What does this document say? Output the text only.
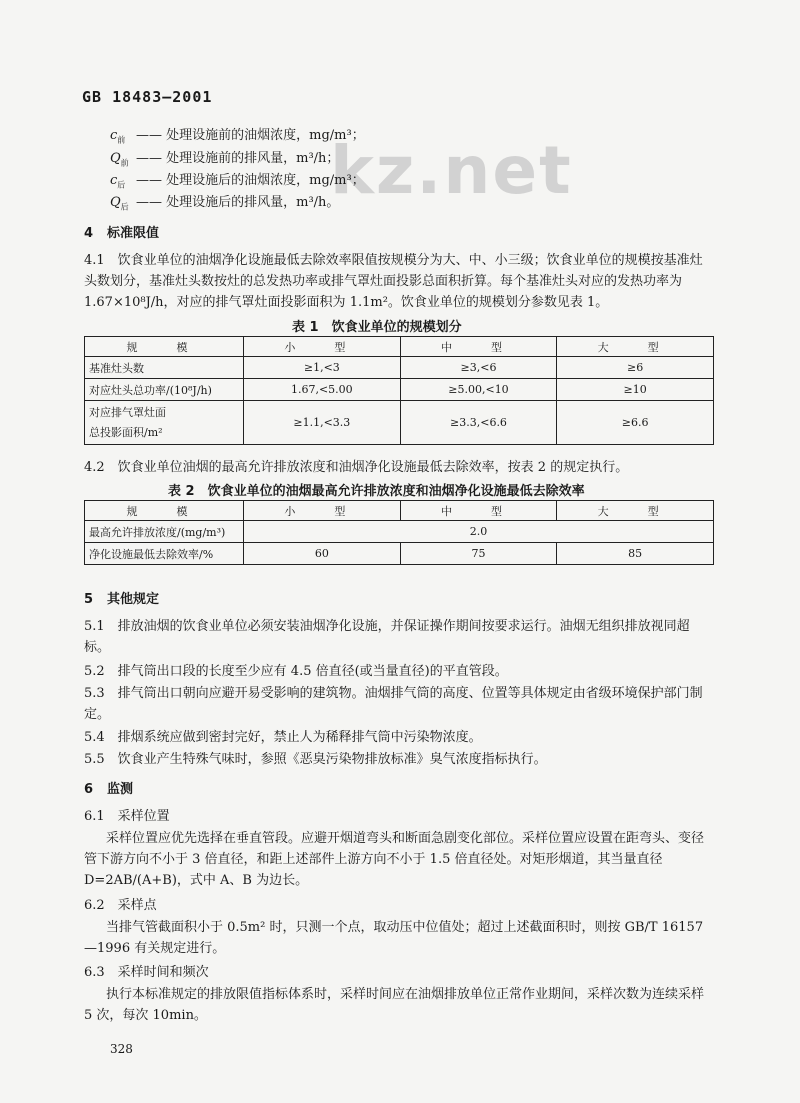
GB 18483—2001
kz.net
$c_前$ —— 处理设施前的油烟浓度，mg/m³；
$Q_前$ —— 处理设施前的排风量，m³/h；
$c_后$ —— 处理设施后的油烟浓度，mg/m³；
$Q_后$ —— 处理设施后的排风量，m³/h。
4 标准限值
4.1　饮食业单位的油烟净化设施最低去除效率限值按规模分为大、中、小三级；饮食业单位的规模按基准灶头数划分，基准灶头数按灶的总发热功率或排气罩灶面投影总面积折算。每个基准灶头对应的发热功率为 1.67×10⁸J/h，对应的排气罩灶面投影面积为 1.1m²。饮食业单位的规模划分参数见表 1。
表 1　饮食业单位的规模划分
规　模	小　型	中　型	大　型
基准灶头数	≥1,<3	≥3,<6	≥6
对应灶头总功率/(10⁸J/h)	1.67,<5.00	≥5.00,<10	≥10
对应排气罩灶面
总投影面积/m²	≥1.1,<3.3	≥3.3,<6.6	≥6.6
4.2　饮食业单位油烟的最高允许排放浓度和油烟净化设施最低去除效率，按表 2 的规定执行。
表 2　饮食业单位的油烟最高允许排放浓度和油烟净化设施最低去除效率
规　模	小　型	中　型	大　型
最高允许排放浓度/(mg/m³)	2.0		
净化设施最低去除效率/%	60	75	85
5 其他规定
5.1　排放油烟的饮食业单位必须安装油烟净化设施，并保证操作期间按要求运行。油烟无组织排放视同超标。
5.2　排气筒出口段的长度至少应有 4.5 倍直径(或当量直径)的平直管段。
5.3　排气筒出口朝向应避开易受影响的建筑物。油烟排气筒的高度、位置等具体规定由省级环境保护部门制定。
5.4　排烟系统应做到密封完好，禁止人为稀释排气筒中污染物浓度。
5.5　饮食业产生特殊气味时，参照《恶臭污染物排放标准》臭气浓度指标执行。
6 监测
6.1　采样位置
采样位置应优先选择在垂直管段。应避开烟道弯头和断面急剧变化部位。采样位置应设置在距弯头、变径管下游方向不小于 3 倍直径，和距上述部件上游方向不小于 1.5 倍直径处。对矩形烟道，其当量直径 D=2AB/(A+B)，式中 A、B 为边长。
6.2　采样点
当排气管截面积小于 0.5m² 时，只测一个点，取动压中位值处；超过上述截面积时，则按 GB/T 16157—1996 有关规定进行。
6.3　采样时间和频次
执行本标准规定的排放限值指标体系时，采样时间应在油烟排放单位正常作业期间，采样次数为连续采样 5 次，每次 10min。
328
